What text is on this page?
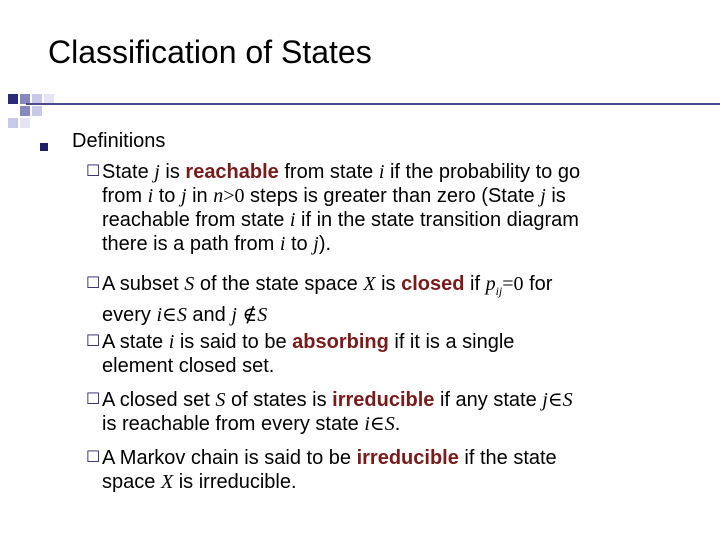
Classification of States
Definitions
☐ State j is reachable from state i if the probability to go
from i to j in n>0 steps is greater than zero (State j is
reachable from state i if in the state transition diagram
there is a path from i to j).
☐ A subset S of the state space X is closed if $p_{ij}=0$ for
every i∈S and j ∉S
☐ A state i is said to be absorbing if it is a single
element closed set.
☐ A closed set S of states is irreducible if any state j∈S
is reachable from every state i∈S.
☐ A Markov chain is said to be irreducible if the state
space X is irreducible.
